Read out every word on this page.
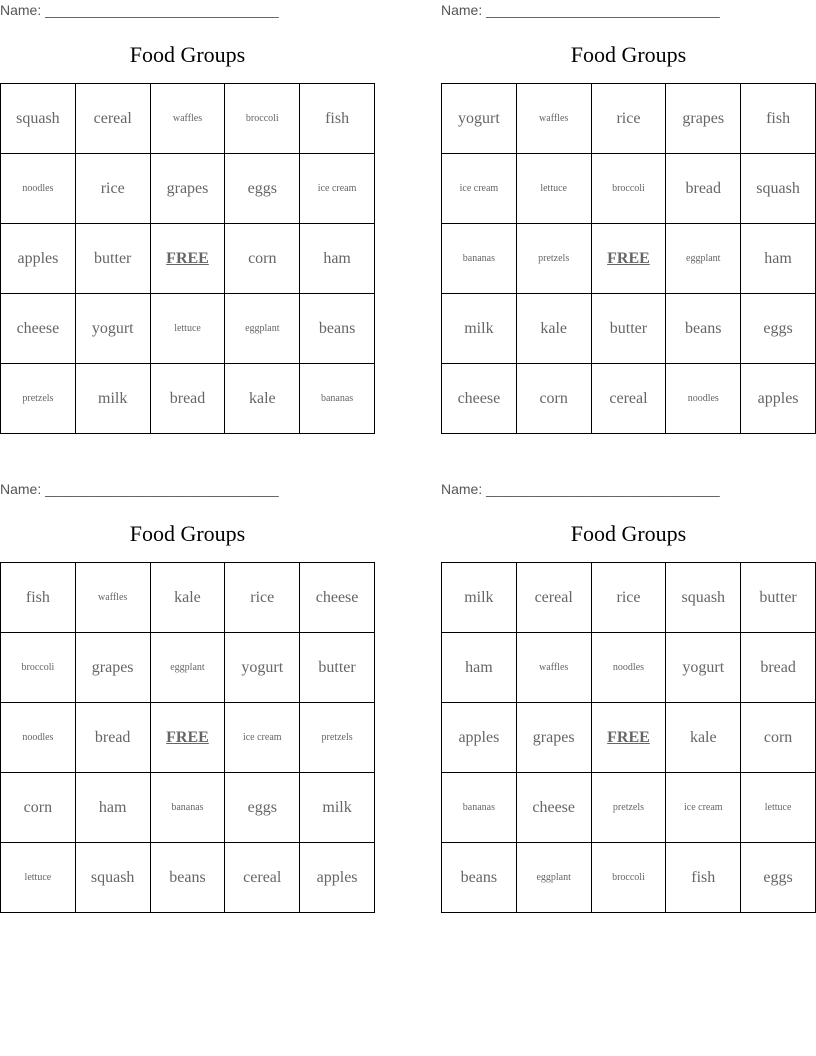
Name: ______________________________
Food Groups
squash	cereal	waffles	broccoli	fish
noodles	rice	grapes	eggs	ice cream
apples	butter	FREE	corn	ham
cheese	yogurt	lettuce	eggplant	beans
pretzels	milk	bread	kale	bananas
Name: ______________________________
Food Groups
yogurt	waffles	rice	grapes	fish
ice cream	lettuce	broccoli	bread	squash
bananas	pretzels	FREE	eggplant	ham
milk	kale	butter	beans	eggs
cheese	corn	cereal	noodles	apples
Name: ______________________________
Food Groups
fish	waffles	kale	rice	cheese
broccoli	grapes	eggplant	yogurt	butter
noodles	bread	FREE	ice cream	pretzels
corn	ham	bananas	eggs	milk
lettuce	squash	beans	cereal	apples
Name: ______________________________
Food Groups
milk	cereal	rice	squash	butter
ham	waffles	noodles	yogurt	bread
apples	grapes	FREE	kale	corn
bananas	cheese	pretzels	ice cream	lettuce
beans	eggplant	broccoli	fish	eggs
